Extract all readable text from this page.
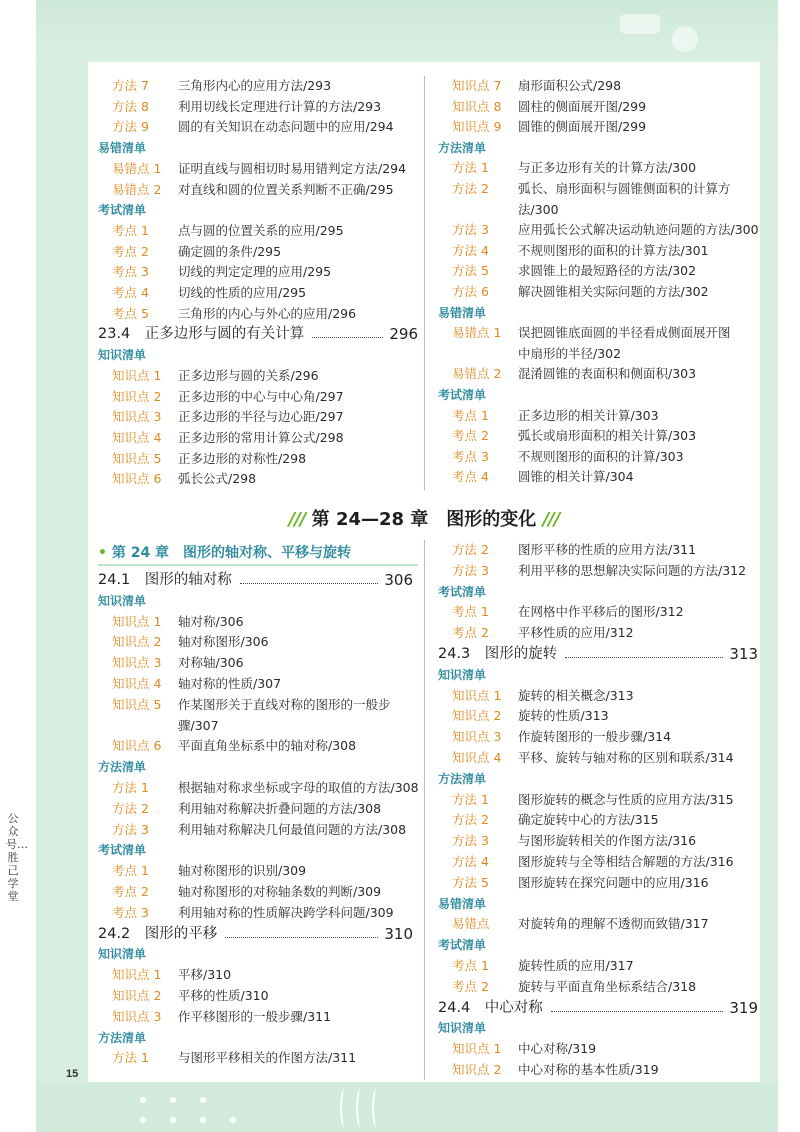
公众号…胜己学堂
15
/// 第 24—28 章　图形的变化 ///
• 第 24 章　图形的轴对称、平移与旋转
方法 7 三角形内心的应用方法/293
方法 8 利用切线长定理进行计算的方法/293
方法 9 圆的有关知识在动态问题中的应用/294
易错清单
易错点 1 证明直线与圆相切时易用错判定方法/294
易错点 2 对直线和圆的位置关系判断不正确/295
考试清单
考点 1 点与圆的位置关系的应用/295
考点 2 确定圆的条件/295
考点 3 切线的判定定理的应用/295
考点 4 切线的性质的应用/295
考点 5 三角形的内心与外心的应用/296
23.4　正多边形与圆的有关计算	296
知识清单
知识点 1 正多边形与圆的关系/296
知识点 2 正多边形的中心与中心角/297
知识点 3 正多边形的半径与边心距/297
知识点 4 正多边形的常用计算公式/298
知识点 5 正多边形的对称性/298
知识点 6 弧长公式/298
知识点 7 扇形面积公式/298
知识点 8 圆柱的侧面展开图/299
知识点 9 圆锥的侧面展开图/299
方法清单
方法 1 与正多边形有关的计算方法/300
方法 2 弧长、扇形面积与圆锥侧面积的计算方
法/300
方法 3 应用弧长公式解决运动轨迹问题的方法/300
方法 4 不规则图形的面积的计算方法/301
方法 5 求圆锥上的最短路径的方法/302
方法 6 解决圆锥相关实际问题的方法/302
易错清单
易错点 1 误把圆锥底面圆的半径看成侧面展开图
中扇形的半径/302
易错点 2 混淆圆锥的表面积和侧面积/303
考试清单
考点 1 正多边形的相关计算/303
考点 2 弧长或扇形面积的相关计算/303
考点 3 不规则图形的面积的计算/303
考点 4 圆锥的相关计算/304
24.1　图形的轴对称	306
知识清单
知识点 1 轴对称/306
知识点 2 轴对称图形/306
知识点 3 对称轴/306
知识点 4 轴对称的性质/307
知识点 5 作某图形关于直线对称的图形的一般步
骤/307
知识点 6 平面直角坐标系中的轴对称/308
方法清单
方法 1 根据轴对称求坐标或字母的取值的方法/308
方法 2 利用轴对称解决折叠问题的方法/308
方法 3 利用轴对称解决几何最值问题的方法/308
考试清单
考点 1 轴对称图形的识别/309
考点 2 轴对称图形的对称轴条数的判断/309
考点 3 利用轴对称的性质解决跨学科问题/309
24.2　图形的平移	310
知识清单
知识点 1 平移/310
知识点 2 平移的性质/310
知识点 3 作平移图形的一般步骤/311
方法清单
方法 1 与图形平移相关的作图方法/311
方法 2 图形平移的性质的应用方法/311
方法 3 利用平移的思想解决实际问题的方法/312
考试清单
考点 1 在网格中作平移后的图形/312
考点 2 平移性质的应用/312
24.3　图形的旋转	313
知识清单
知识点 1 旋转的相关概念/313
知识点 2 旋转的性质/313
知识点 3 作旋转图形的一般步骤/314
知识点 4 平移、旋转与轴对称的区别和联系/314
方法清单
方法 1 图形旋转的概念与性质的应用方法/315
方法 2 确定旋转中心的方法/315
方法 3 与图形旋转相关的作图方法/316
方法 4 图形旋转与全等相结合解题的方法/316
方法 5 图形旋转在探究问题中的应用/316
易错清单
易错点 对旋转角的理解不透彻而致错/317
考试清单
考点 1 旋转性质的应用/317
考点 2 旋转与平面直角坐标系结合/318
24.4　中心对称	319
知识清单
知识点 1 中心对称/319
知识点 2 中心对称的基本性质/319
